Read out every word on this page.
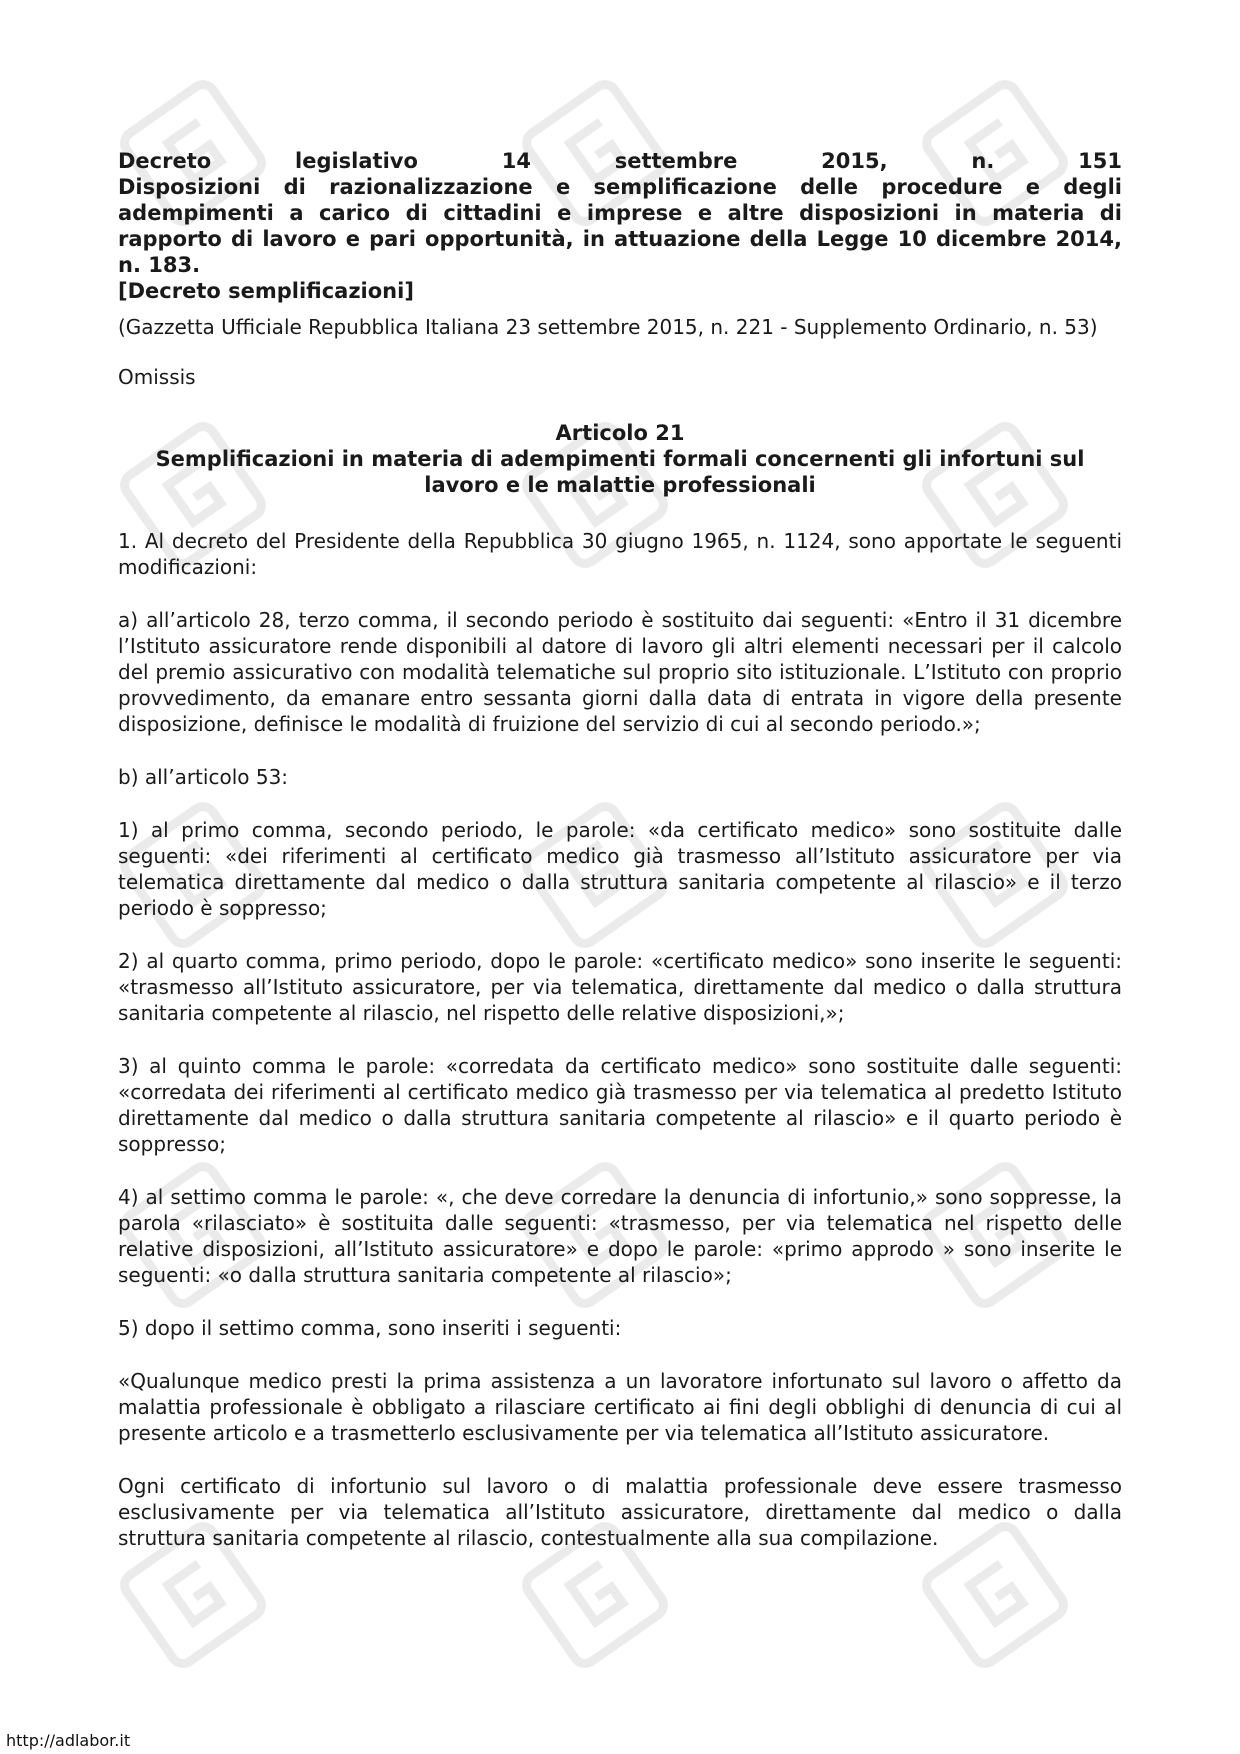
Decreto	legislativo	14	settembre	2015,	n.	151

Disposizioni di razionalizzazione e semplificazione delle procedure e degli adempimenti a carico di cittadini e imprese e altre disposizioni in materia di rapporto di lavoro e pari opportunità, in attuazione della Legge 10 dicembre 2014, n. 183.

[Decreto semplificazioni]

(Gazzetta Ufficiale Repubblica Italiana 23 settembre 2015, n. 221 - Supplemento Ordinario, n. 53)
Omissis
Articolo 21
Semplificazioni in materia di adempimenti formali concernenti gli infortuni sul lavoro e le malattie professionali

1. Al decreto del Presidente della Repubblica 30 giugno 1965, n. 1124, sono apportate le seguenti modificazioni:

a) all’articolo 28, terzo comma, il secondo periodo è sostituito dai seguenti: «Entro il 31 dicembre l’Istituto assicuratore rende disponibili al datore di lavoro gli altri elementi necessari per il calcolo del premio assicurativo con modalità telematiche sul proprio sito istituzionale. L’Istituto con proprio provvedimento, da emanare entro sessanta giorni dalla data di entrata in vigore della presente disposizione, definisce le modalità di fruizione del servizio di cui al secondo periodo.»;

b) all’articolo 53:

1) al primo comma, secondo periodo, le parole: «da certificato medico» sono sostituite dalle seguenti: «dei riferimenti al certificato medico già trasmesso all’Istituto assicuratore per via telematica direttamente dal medico o dalla struttura sanitaria competente al rilascio» e il terzo periodo è soppresso;

2) al quarto comma, primo periodo, dopo le parole: «certificato medico» sono inserite le seguenti: «trasmesso all’Istituto assicuratore, per via telematica, direttamente dal medico o dalla struttura sanitaria competente al rilascio, nel rispetto delle relative disposizioni,»;

3) al quinto comma le parole: «corredata da certificato medico» sono sostituite dalle seguenti: «corredata dei riferimenti al certificato medico già trasmesso per via telematica al predetto Istituto direttamente dal medico o dalla struttura sanitaria competente al rilascio» e il quarto periodo è soppresso;

4) al settimo comma le parole: «, che deve corredare la denuncia di infortunio,» sono soppresse, la parola «rilasciato» è sostituita dalle seguenti: «trasmesso, per via telematica nel rispetto delle relative disposizioni, all’Istituto assicuratore» e dopo le parole: «primo approdo » sono inserite le seguenti: «o dalla struttura sanitaria competente al rilascio»;

5) dopo il settimo comma, sono inseriti i seguenti:

«Qualunque medico presti la prima assistenza a un lavoratore infortunato sul lavoro o affetto da malattia professionale è obbligato a rilasciare certificato ai fini degli obblighi di denuncia di cui al presente articolo e a trasmetterlo esclusivamente per via telematica all’Istituto assicuratore.

Ogni certificato di infortunio sul lavoro o di malattia professionale deve essere trasmesso esclusivamente per via telematica all’Istituto assicuratore, direttamente dal medico o dalla struttura sanitaria competente al rilascio, contestualmente alla sua compilazione.

http://adlabor.it
